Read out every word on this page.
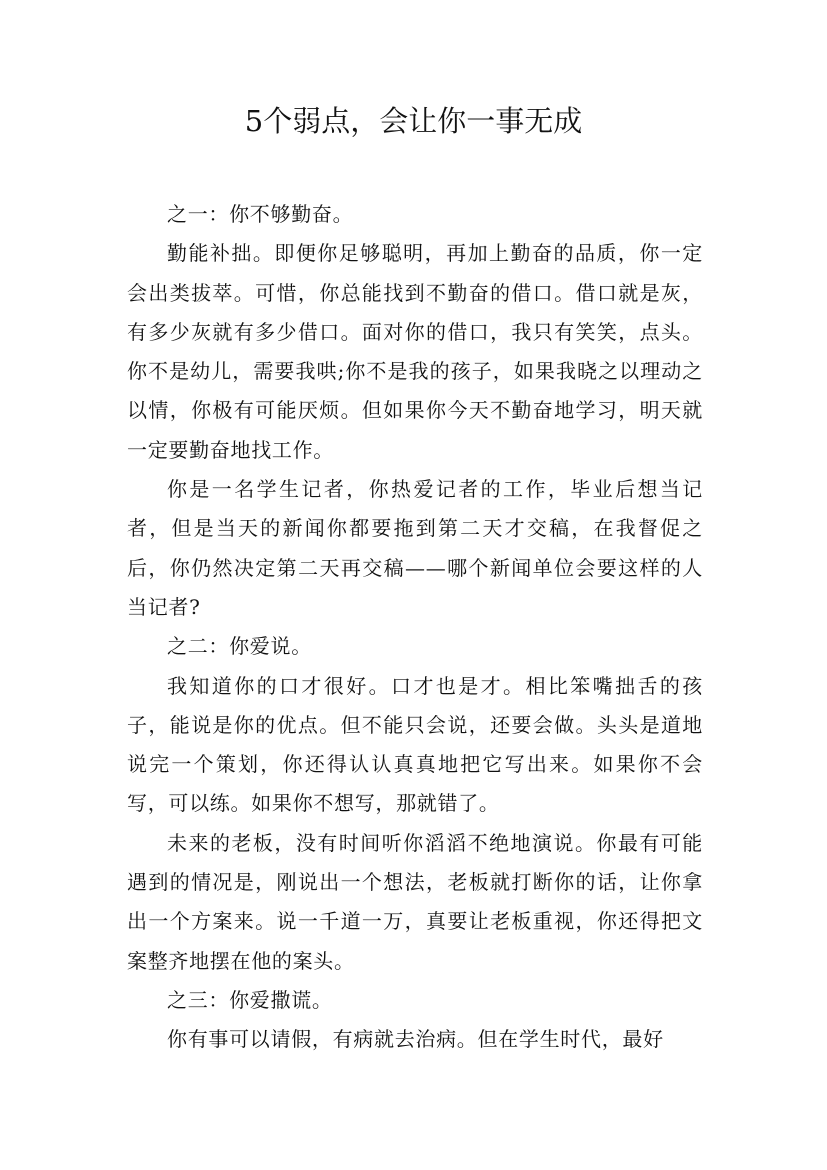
5个弱点，会让你一事无成

之一：你不够勤奋。

勤能补拙。即便你足够聪明，再加上勤奋的品质，你一定会出类拔萃。可惜，你总能找到不勤奋的借口。借口就是灰，有多少灰就有多少借口。面对你的借口，我只有笑笑，点头。你不是幼儿，需要我哄;你不是我的孩子，如果我晓之以理动之以情，你极有可能厌烦。但如果你今天不勤奋地学习，明天就一定要勤奋地找工作。

你是一名学生记者，你热爱记者的工作，毕业后想当记者，但是当天的新闻你都要拖到第二天才交稿，在我督促之后，你仍然决定第二天再交稿——哪个新闻单位会要这样的人当记者?

之二：你爱说。

我知道你的口才很好。口才也是才。相比笨嘴拙舌的孩子，能说是你的优点。但不能只会说，还要会做。头头是道地说完一个策划，你还得认认真真地把它写出来。如果你不会写，可以练。如果你不想写，那就错了。

未来的老板，没有时间听你滔滔不绝地演说。你最有可能遇到的情况是，刚说出一个想法，老板就打断你的话，让你拿出一个方案来。说一千道一万，真要让老板重视，你还得把文案整齐地摆在他的案头。

之三：你爱撒谎。

你有事可以请假，有病就去治病。但在学生时代，最好
